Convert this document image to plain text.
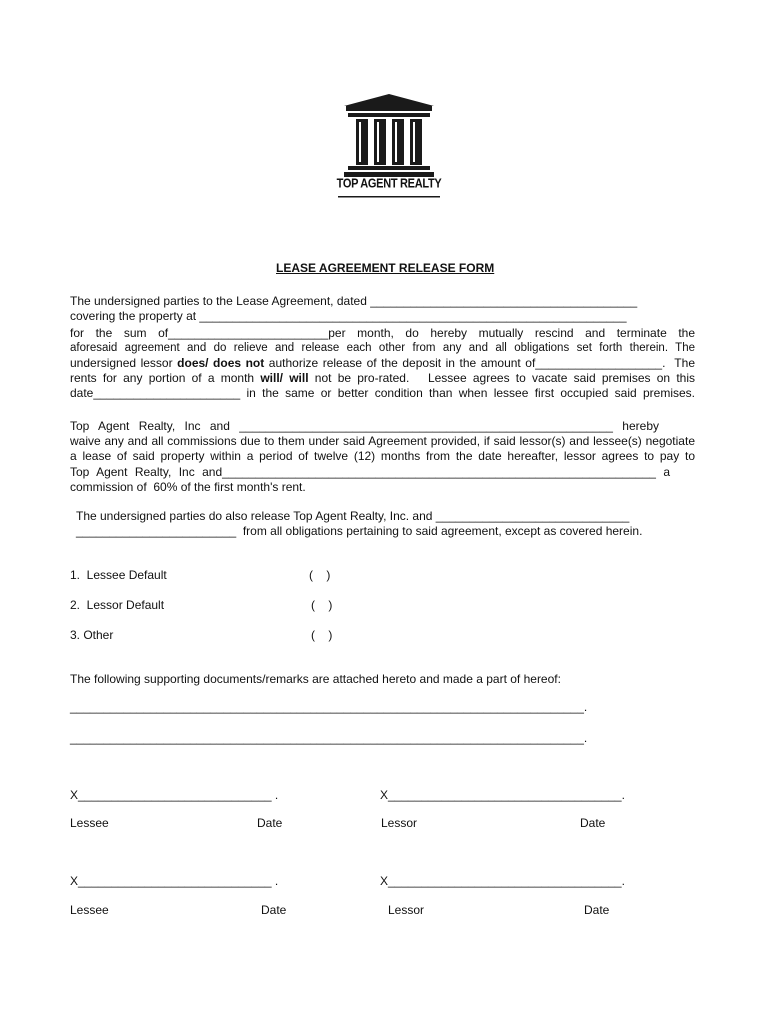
TOP AGENT REALTY
LEASE AGREEMENT RELEASE FORM
The undersigned parties to the Lease Agreement, dated ________________________________________
covering the property at ________________________________________________________________
for the sum of________________________per month, do hereby mutually rescind and terminate the
aforesaid agreement and do relieve and release each other from any and all obligations set forth therein. The
undersigned lessor does/ does not authorize release of the deposit in the amount of___________________.  The
rents for any portion of a month will/ will not be pro-rated.   Lessee agrees to vacate said premises on this
date______________________ in the same or better condition than when lessee first occupied said premises.
Top Agent Realty, Inc and ________________________________________________________ hereby
waive any and all commissions due to them under said Agreement provided, if said lessor(s) and lessee(s) negotiate
a lease of said property within a period of twelve (12) months from the date hereafter, lessor agrees to pay to
Top Agent Realty, Inc and_________________________________________________________________ a
commission of  60% of the first month's rent.
The undersigned parties do also release Top Agent Realty, Inc. and _____________________________
________________________  from all obligations pertaining to said agreement, except as covered herein.
1.  Lessee Default	(    )
2.  Lessor Default	(    )
3. Other	(    )
The following supporting documents/remarks are attached hereto and made a part of hereof:
_____________________________________________________________________________.
_____________________________________________________________________________.
X_____________________________ .	X___________________________________.
Lessee	Date	Lessor	Date
X_____________________________ .	X___________________________________.
Lessee	Date	Lessor	Date
